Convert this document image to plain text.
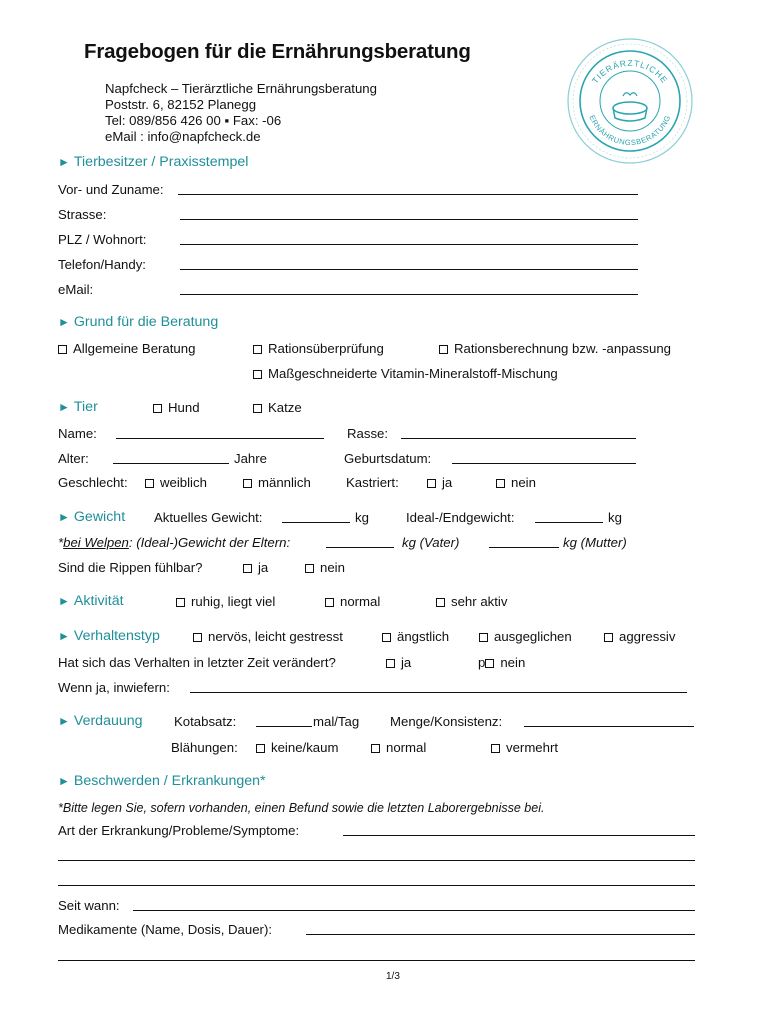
Fragebogen für die Ernährungsberatung
Napfcheck – Tierärztliche Ernährungsberatung
Poststr. 6, 82152 Planegg
Tel: 089/856 426 00 ▪ Fax: -06
eMail : info@napfcheck.de
TIERÄRZTLICHE
ERNÄHRUNGSBERATUNG
► Tierbesitzer / Praxisstempel
Vor- und Zuname:
Strasse:
PLZ / Wohnort:
Telefon/Handy:
eMail:
► Grund für die Beratung
Allgemeine Beratung	Rationsüberprüfung	Rationsberechnung bzw. -anpassung
Maßgeschneiderte Vitamin-Mineralstoff-Mischung
► Tier	Hund	Katze
Name:	Rasse:
Alter:	Jahre	Geburtsdatum:
Geschlecht:	weiblich	männlich	Kastriert:	ja	nein
► Gewicht Aktuelles Gewicht:	kg	Ideal-/Endgewicht:	kg
*bei Welpen: (Ideal-)Gewicht der Eltern:	kg (Vater)	kg (Mutter)
Sind die Rippen fühlbar?	ja	nein
► Aktivität	ruhig, liegt viel	normal	sehr aktiv
► Verhaltenstyp	nervös, leicht gestresst	ängstlich	ausgeglichen	aggressiv
Hat sich das Verhalten in letzter Zeit verändert?	ja	p nein
Wenn ja, inwiefern:
► Verdauung Kotabsatz:	mal/Tag Menge/Konsistenz:
Blähungen:	keine/kaum	normal	vermehrt
► Beschwerden / Erkrankungen*
*Bitte legen Sie, sofern vorhanden, einen Befund sowie die letzten Laborergebnisse bei.
Art der Erkrankung/Probleme/Symptome:
Seit wann:
Medikamente (Name, Dosis, Dauer):
1/3
